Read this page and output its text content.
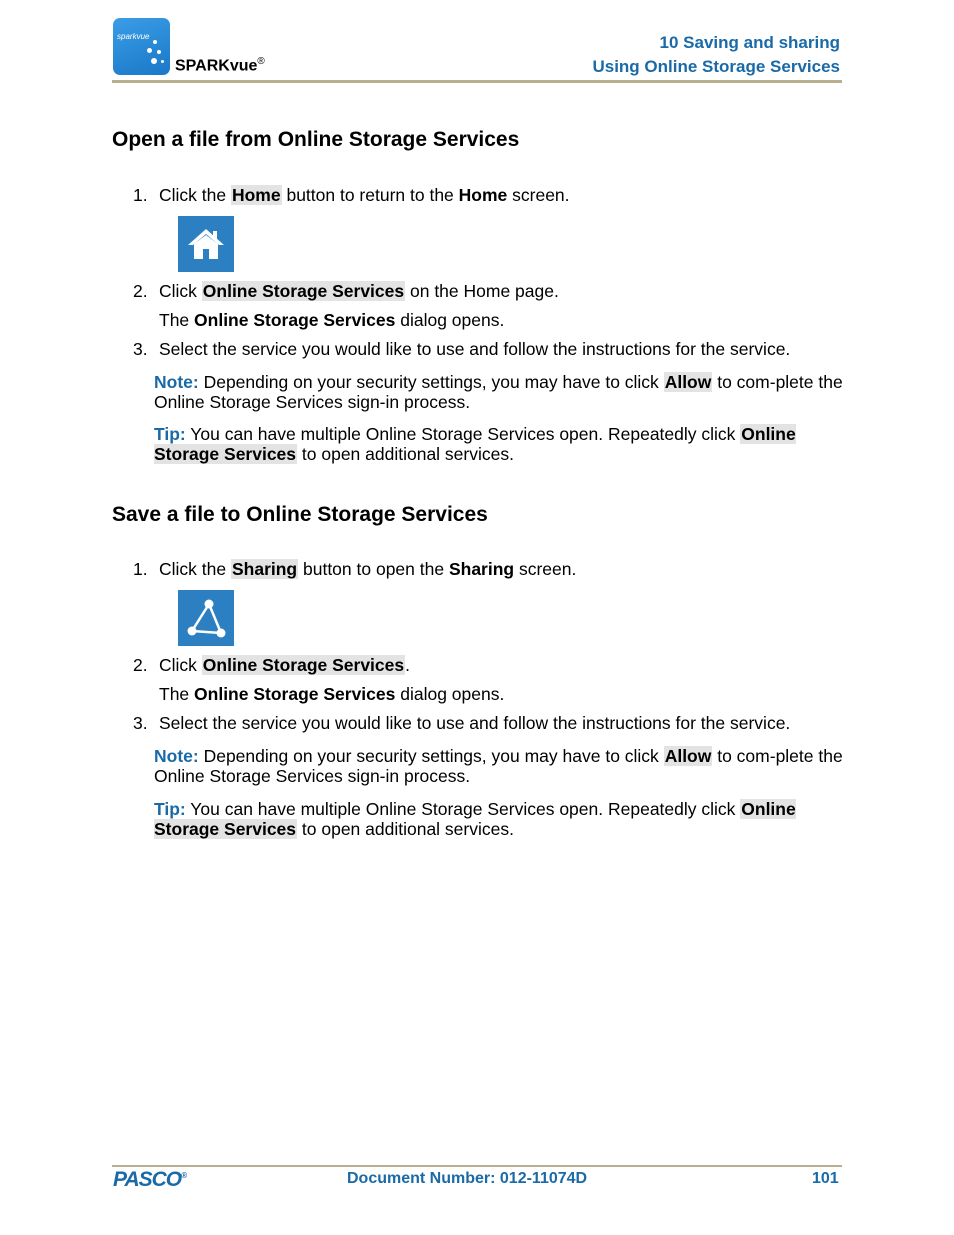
sparkvue
SPARKvue®
10 Saving and sharing
Using Online Storage Services
Open a file from Online Storage Services
1. Click the Home button to return to the Home screen.
2. Click Online Storage Services on the Home page.
The Online Storage Services dialog opens.
3. Select the service you would like to use and follow the instructions for the service.
Note: Depending on your security settings, you may have to click Allow to com-plete the Online Storage Services sign-in process.
Tip: You can have multiple Online Storage Services open. Repeatedly click Online Storage Services to open additional services.
Save a file to Online Storage Services
1. Click the Sharing button to open the Sharing screen.
2. Click Online Storage Services.
The Online Storage Services dialog opens.
3. Select the service you would like to use and follow the instructions for the service.
Note: Depending on your security settings, you may have to click Allow to com-plete the Online Storage Services sign-in process.
Tip: You can have multiple Online Storage Services open. Repeatedly click Online Storage Services to open additional services.
PASCO®	Document Number: 012-11074D	101
